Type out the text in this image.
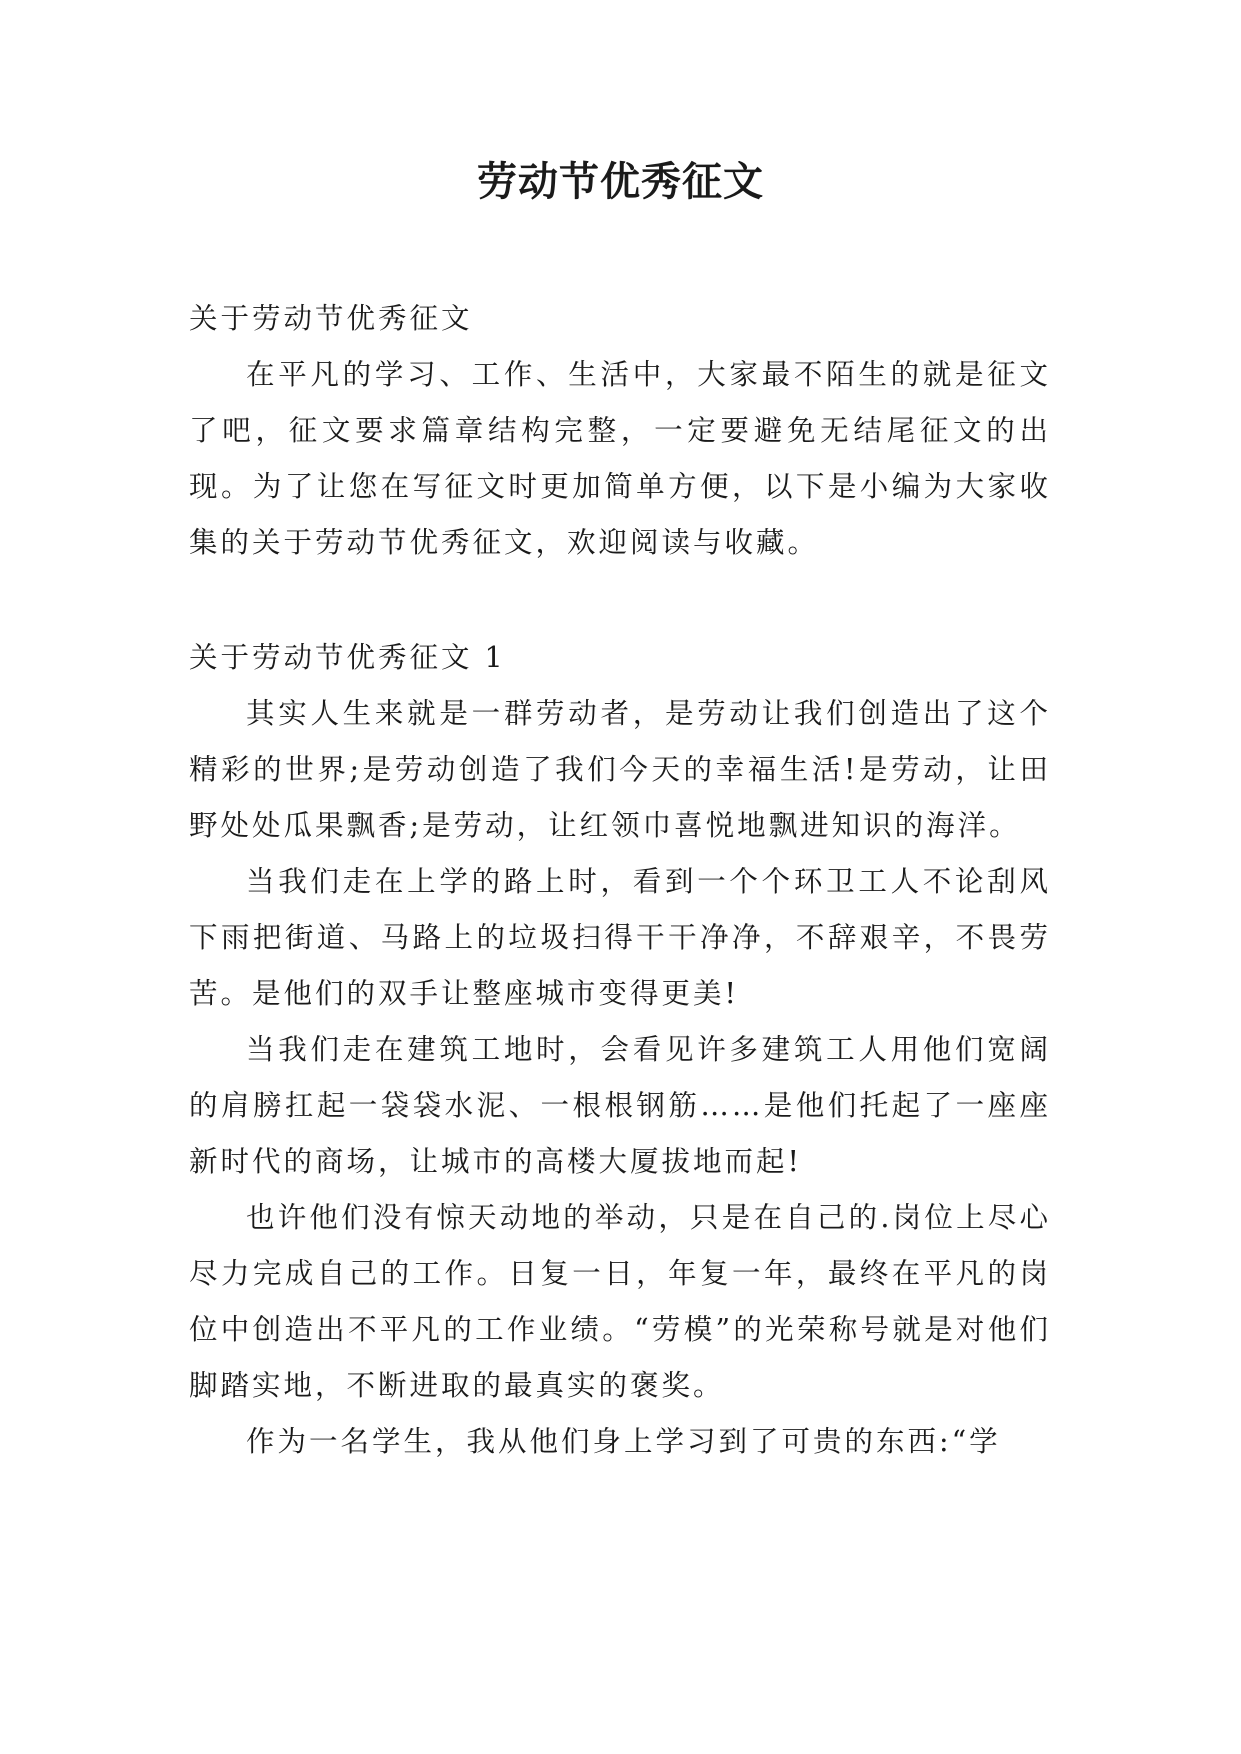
劳动节优秀征文

关于劳动节优秀征文

在平凡的学习、工作、生活中，大家最不陌生的就是征文了吧，征文要求篇章结构完整，一定要避免无结尾征文的出现。为了让您在写征文时更加简单方便，以下是小编为大家收集的关于劳动节优秀征文，欢迎阅读与收藏。

关于劳动节优秀征文 1

其实人生来就是一群劳动者，是劳动让我们创造出了这个精彩的世界;是劳动创造了我们今天的幸福生活!是劳动，让田野处处瓜果飘香;是劳动，让红领巾喜悦地飘进知识的海洋。

当我们走在上学的路上时，看到一个个环卫工人不论刮风下雨把街道、马路上的垃圾扫得干干净净，不辞艰辛，不畏劳苦。是他们的双手让整座城市变得更美!

当我们走在建筑工地时，会看见许多建筑工人用他们宽阔的肩膀扛起一袋袋水泥、一根根钢筋……是他们托起了一座座新时代的商场，让城市的高楼大厦拔地而起!

也许他们没有惊天动地的举动，只是在自己的.岗位上尽心尽力完成自己的工作。日复一日，年复一年，最终在平凡的岗位中创造出不平凡的工作业绩。“劳模”的光荣称号就是对他们脚踏实地，不断进取的最真实的褒奖。

作为一名学生，我从他们身上学习到了可贵的东西:“学
